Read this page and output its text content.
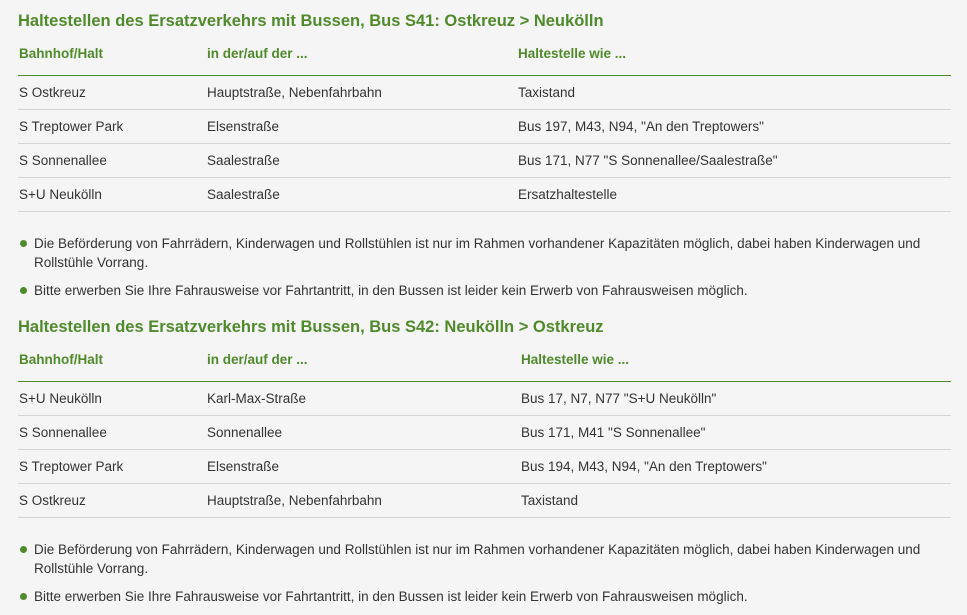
Haltestellen des Ersatzverkehrs mit Bussen, Bus S41: Ostkreuz > Neukölln
Bahnhof/Halt	in der/auf der ...	Haltestelle wie ...
S Ostkreuz	Hauptstraße, Nebenfahrbahn	Taxistand
S Treptower Park	Elsenstraße	Bus 197, M43, N94, "An den Treptowers"
S Sonnenallee	Saalestraße	Bus 171, N77 "S Sonnenallee/Saalestraße"
S+U Neukölln	Saalestraße	Ersatzhaltestelle
Die Beförderung von Fahrrädern, Kinderwagen und Rollstühlen ist nur im Rahmen vorhandener Kapazitäten möglich, dabei haben Kinderwagen und Rollstühle Vorrang.
Bitte erwerben Sie Ihre Fahrausweise vor Fahrtantritt, in den Bussen ist leider kein Erwerb von Fahrausweisen möglich.
Haltestellen des Ersatzverkehrs mit Bussen, Bus S42: Neukölln > Ostkreuz
Bahnhof/Halt	in der/auf der ...	Haltestelle wie ...
S+U Neukölln	Karl-Max-Straße	Bus 17, N7, N77 "S+U Neukölln"
S Sonnenallee	Sonnenallee	Bus 171, M41 "S Sonnenallee"
S Treptower Park	Elsenstraße	Bus 194, M43, N94, "An den Treptowers"
S Ostkreuz	Hauptstraße, Nebenfahrbahn	Taxistand
Die Beförderung von Fahrrädern, Kinderwagen und Rollstühlen ist nur im Rahmen vorhandener Kapazitäten möglich, dabei haben Kinderwagen und Rollstühle Vorrang.
Bitte erwerben Sie Ihre Fahrausweise vor Fahrtantritt, in den Bussen ist leider kein Erwerb von Fahrausweisen möglich.
